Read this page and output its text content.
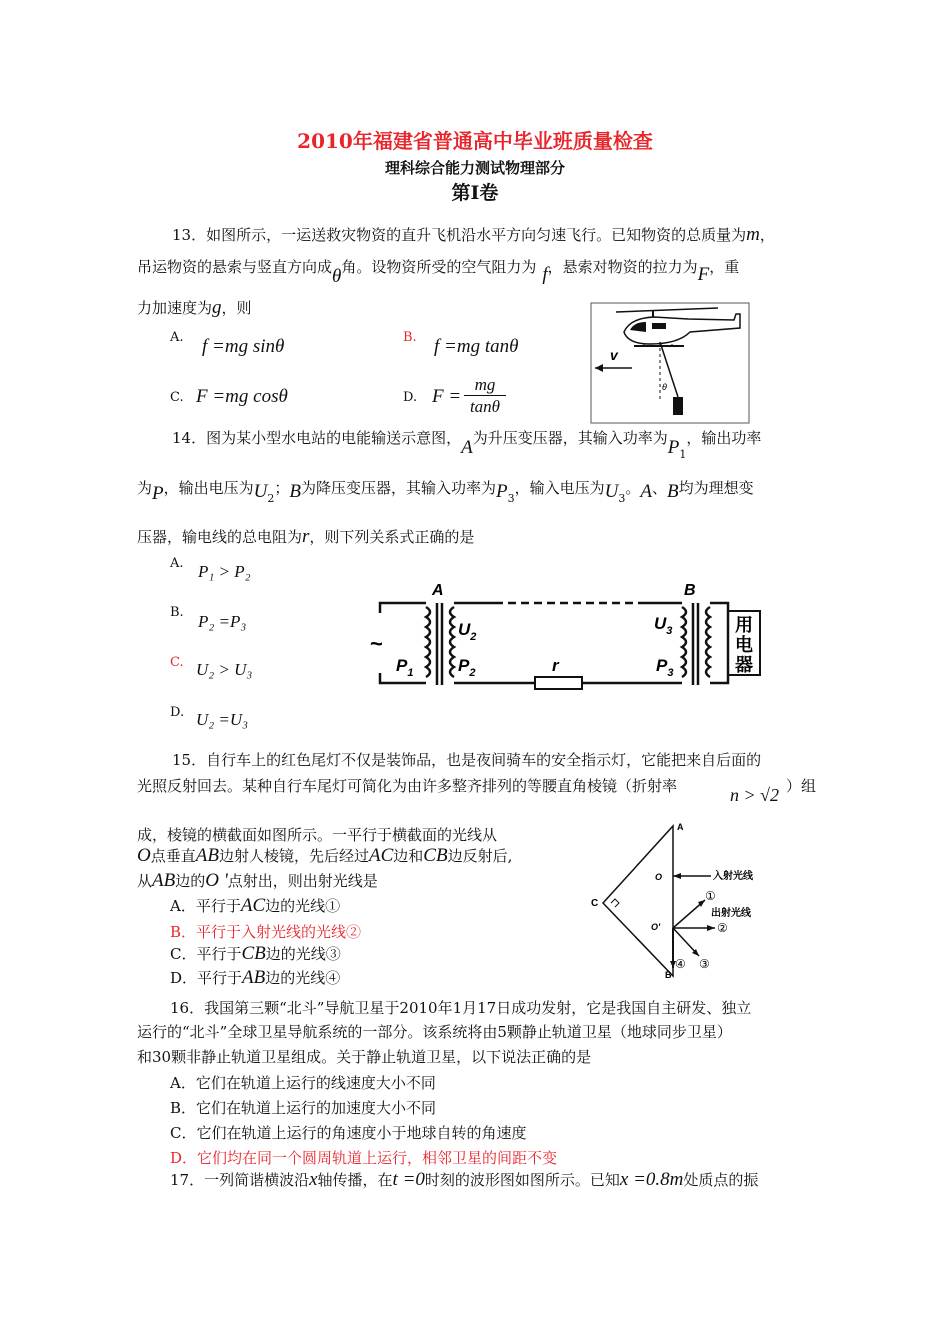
2010年福建省普通高中毕业班质量检查
理科综合能力测试物理部分
第Ⅰ卷
13．如图所示，一运送救灾物资的直升飞机沿水平方向匀速飞行。已知物资的总质量为m，
吊运物资的悬索与竖直方向成θ角。设物资所受的空气阻力为 f，悬索对物资的拉力为F，重
力加速度为g，则
A. f =mg sinθ	B. f =mg tanθ
C. F =mg cosθ	D. F =
mg
tanθ
θ
v
14．图为某小型水电站的电能输送示意图，A为升压变压器，其输入功率为$P_1$，输出功率
为P，输出电压为$U_2$；B为降压变压器，其输入功率为$P_3$，输入电压为$U_3$。A、B均为理想变
压器，输电线的总电阻为r，则下列关系式正确的是
A. P₁ > P₂
B. P₂ =P₃
C. U₂ > U₃
D. U₂ =U₃
~
A	B
$U_2$
$P_1$	$P_2$	r
$U_3$
$P_3$
用
电
器
15．自行车上的红色尾灯不仅是装饰品，也是夜间骑车的安全指示灯，它能把来自后面的
光照反射回去。某种自行车尾灯可简化为由许多整齐排列的等腰直角棱镜（折射率	n > √2 ）组
成，棱镜的横截面如图所示。一平行于横截面的光线从
O点垂直AB边射人棱镜，先后经过AC边和CB边反射后,
从AB边的O '点射出，则出射光线是
A．平行于AC边的光线①
B．平行于入射光线的光线②
C．平行于CB边的光线③
D．平行于AB边的光线④
A
B
C
O
O'
入射光线
出射光线
①
②
③
④
16．我国第三颗“北斗”导航卫星于2010年1月17日成功发射，它是我国自主研发、独立
运行的“北斗”全球卫星导航系统的一部分。该系统将由5颗静止轨道卫星（地球同步卫星）
和30颗非静止轨道卫星组成。关于静止轨道卫星，以下说法正确的是
A．它们在轨道上运行的线速度大小不同
B．它们在轨道上运行的加速度大小不同
C．它们在轨道上运行的角速度小于地球自转的角速度
D．它们均在同一个圆周轨道上运行，相邻卫星的间距不变
17．一列简谐横波沿x轴传播，在t =0时刻的波形图如图所示。已知x =0.8m处质点的振
